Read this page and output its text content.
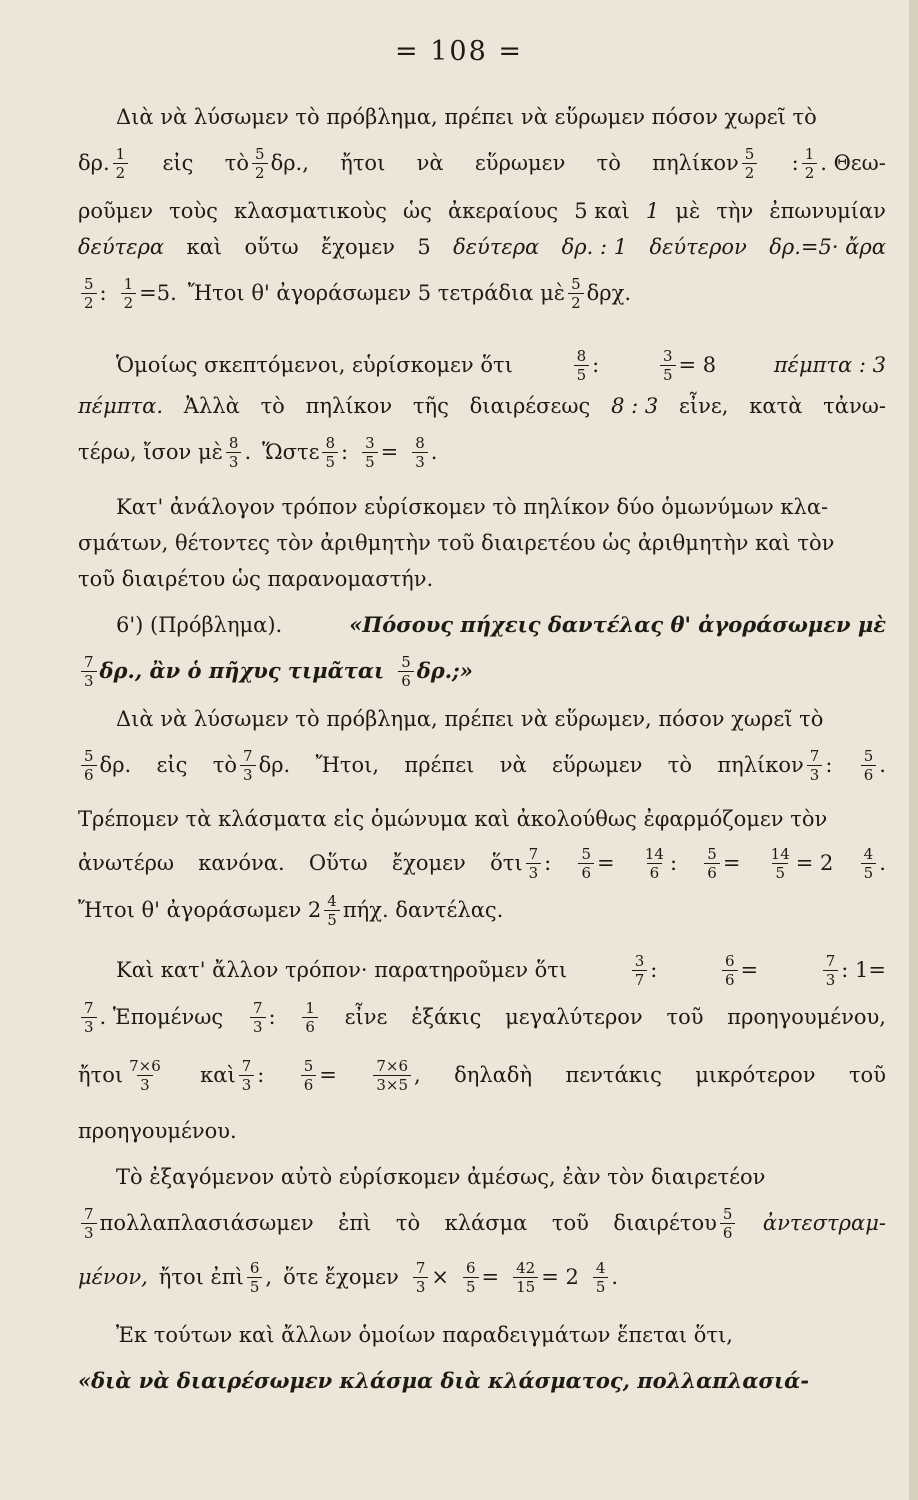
= 108 =
Διὰ νὰ λύσωμεν τὸ πρόβλημα, πρέπει νὰ εὕρωμεν πόσον χωρεῖ τὸ
δρ. $\frac{1}{2}$ εἰς τὸ $\frac{5}{2} \delta\rho$., ἤτοι νὰ εὕρωμεν τὸ πηλίκον $\frac{5}{2}$ : $\frac{1}{2}$ . Θεω-
ροῦμεν τοὺς κλασματικοὺς ὡς ἀκεραίους 5 καὶ 1 μὲ τὴν ἐπωνυμίαν
δεύτερα καὶ οὕτω ἔχομεν 5 δεύτερα δρ. : 1 δεύτερον δρ.=5· ἄρα
$\frac{5}{2}$ : $\frac{1}{2} =5$. Ἤτοι θ' ἀγοράσωμεν 5 τετράδια μὲ $\frac{5}{2} \delta\rho\chi$.
Ὁμοίως σκεπτόμενοι, εὑρίσκομεν ὅτι	$\frac{8}{5}$ :	$\frac{3}{5} = 8$	πέμπτα : 3
πέμπτα. Ἀλλὰ τὸ πηλίκον τῆς διαιρέσεως 8 : 3 εἶνε, κατὰ τἀνω-
τέρω, ἴσον μὲ $\frac{8}{3}$ . Ὥστε $\frac{8}{5}$ : $\frac{3}{5} = \frac{8}{3}$ .
Κατ' ἀνάλογον τρόπον εὑρίσκομεν τὸ πηλίκον δύο ὁμωνύμων κλα-
σμάτων, θέτοντες τὸν ἀριθμητὴν τοῦ διαιρετέου ὡς ἀριθμητὴν καὶ τὸν
τοῦ διαιρέτου ὡς παρανομαστήν.
6') (Πρόβλημα).	«Πόσους πήχεις δαντέλας θ' ἀγοράσωμεν μὲ
$\frac{7}{3} \delta\rho$., ἂν ὁ πῆχυς τιμᾶται $\frac{5}{6} \delta\rho$.;»
Διὰ νὰ λύσωμεν τὸ πρόβλημα, πρέπει νὰ εὕρωμεν, πόσον χωρεῖ τὸ
$\frac{5}{6} \delta\rho$. εἰς τὸ $\frac{7}{3} \delta\rho$. Ἤτοι, πρέπει νὰ εὕρωμεν τὸ πηλίκον $\frac{7}{3}$ : $\frac{5}{6}$ .
Τρέπομεν τὰ κλάσματα εἰς ὁμώνυμα καὶ ἀκολούθως ἐφαρμόζομεν τὸν
ἀνωτέρω κανόνα. Οὕτω ἔχομεν ὅτι $\frac{7}{3}$ : $\frac{5}{6} = \frac{14}{6}$ : $\frac{5}{6} = \frac{14}{5} = 2 \frac{4}{5}$ .
Ἤτοι θ' ἀγοράσωμεν $2 \frac{4}{5} \pi ή\chi$. δαντέλας.
Καὶ κατ' ἄλλον τρόπον· παρατηροῦμεν ὅτι	$\frac{3}{7}$ :	$\frac{6}{6}$ =	$\frac{7}{3}$ : 1=
$\frac{7}{3}$ . Ἑπομένως $\frac{7}{3}$ : $\frac{1}{6}$ εἶνε ἑξάκις μεγαλύτερον τοῦ προηγουμένου,
ἤτοι $\frac{7\times 6}{3}$ καὶ $\frac{7}{3}$ : $\frac{5}{6} = \frac{7\times 6}{3\times 5}$ , δηλαδὴ πεντάκις μικρότερον τοῦ
προηγουμένου.
Τὸ ἐξαγόμενον αὐτὸ εὑρίσκομεν ἀμέσως, ἐὰν τὸν διαιρετέον
$\frac{7}{3}$ πολλαπλασιάσωμεν ἐπὶ τὸ κλάσμα τοῦ διαιρέτου $\frac{5}{6}$ ἀντεστραμ-
μένον, ἤτοι ἐπὶ $\frac{6}{5}$ , ὅτε ἔχομεν $\frac{7}{3} \times \frac{6}{5} = \frac{42}{15} = 2 \frac{4}{5}$ .
Ἐκ τούτων καὶ ἄλλων ὁμοίων παραδειγμάτων ἕπεται ὅτι,
«διὰ νὰ διαιρέσωμεν κλάσμα διὰ κλάσματος, πολλαπλασιά-
